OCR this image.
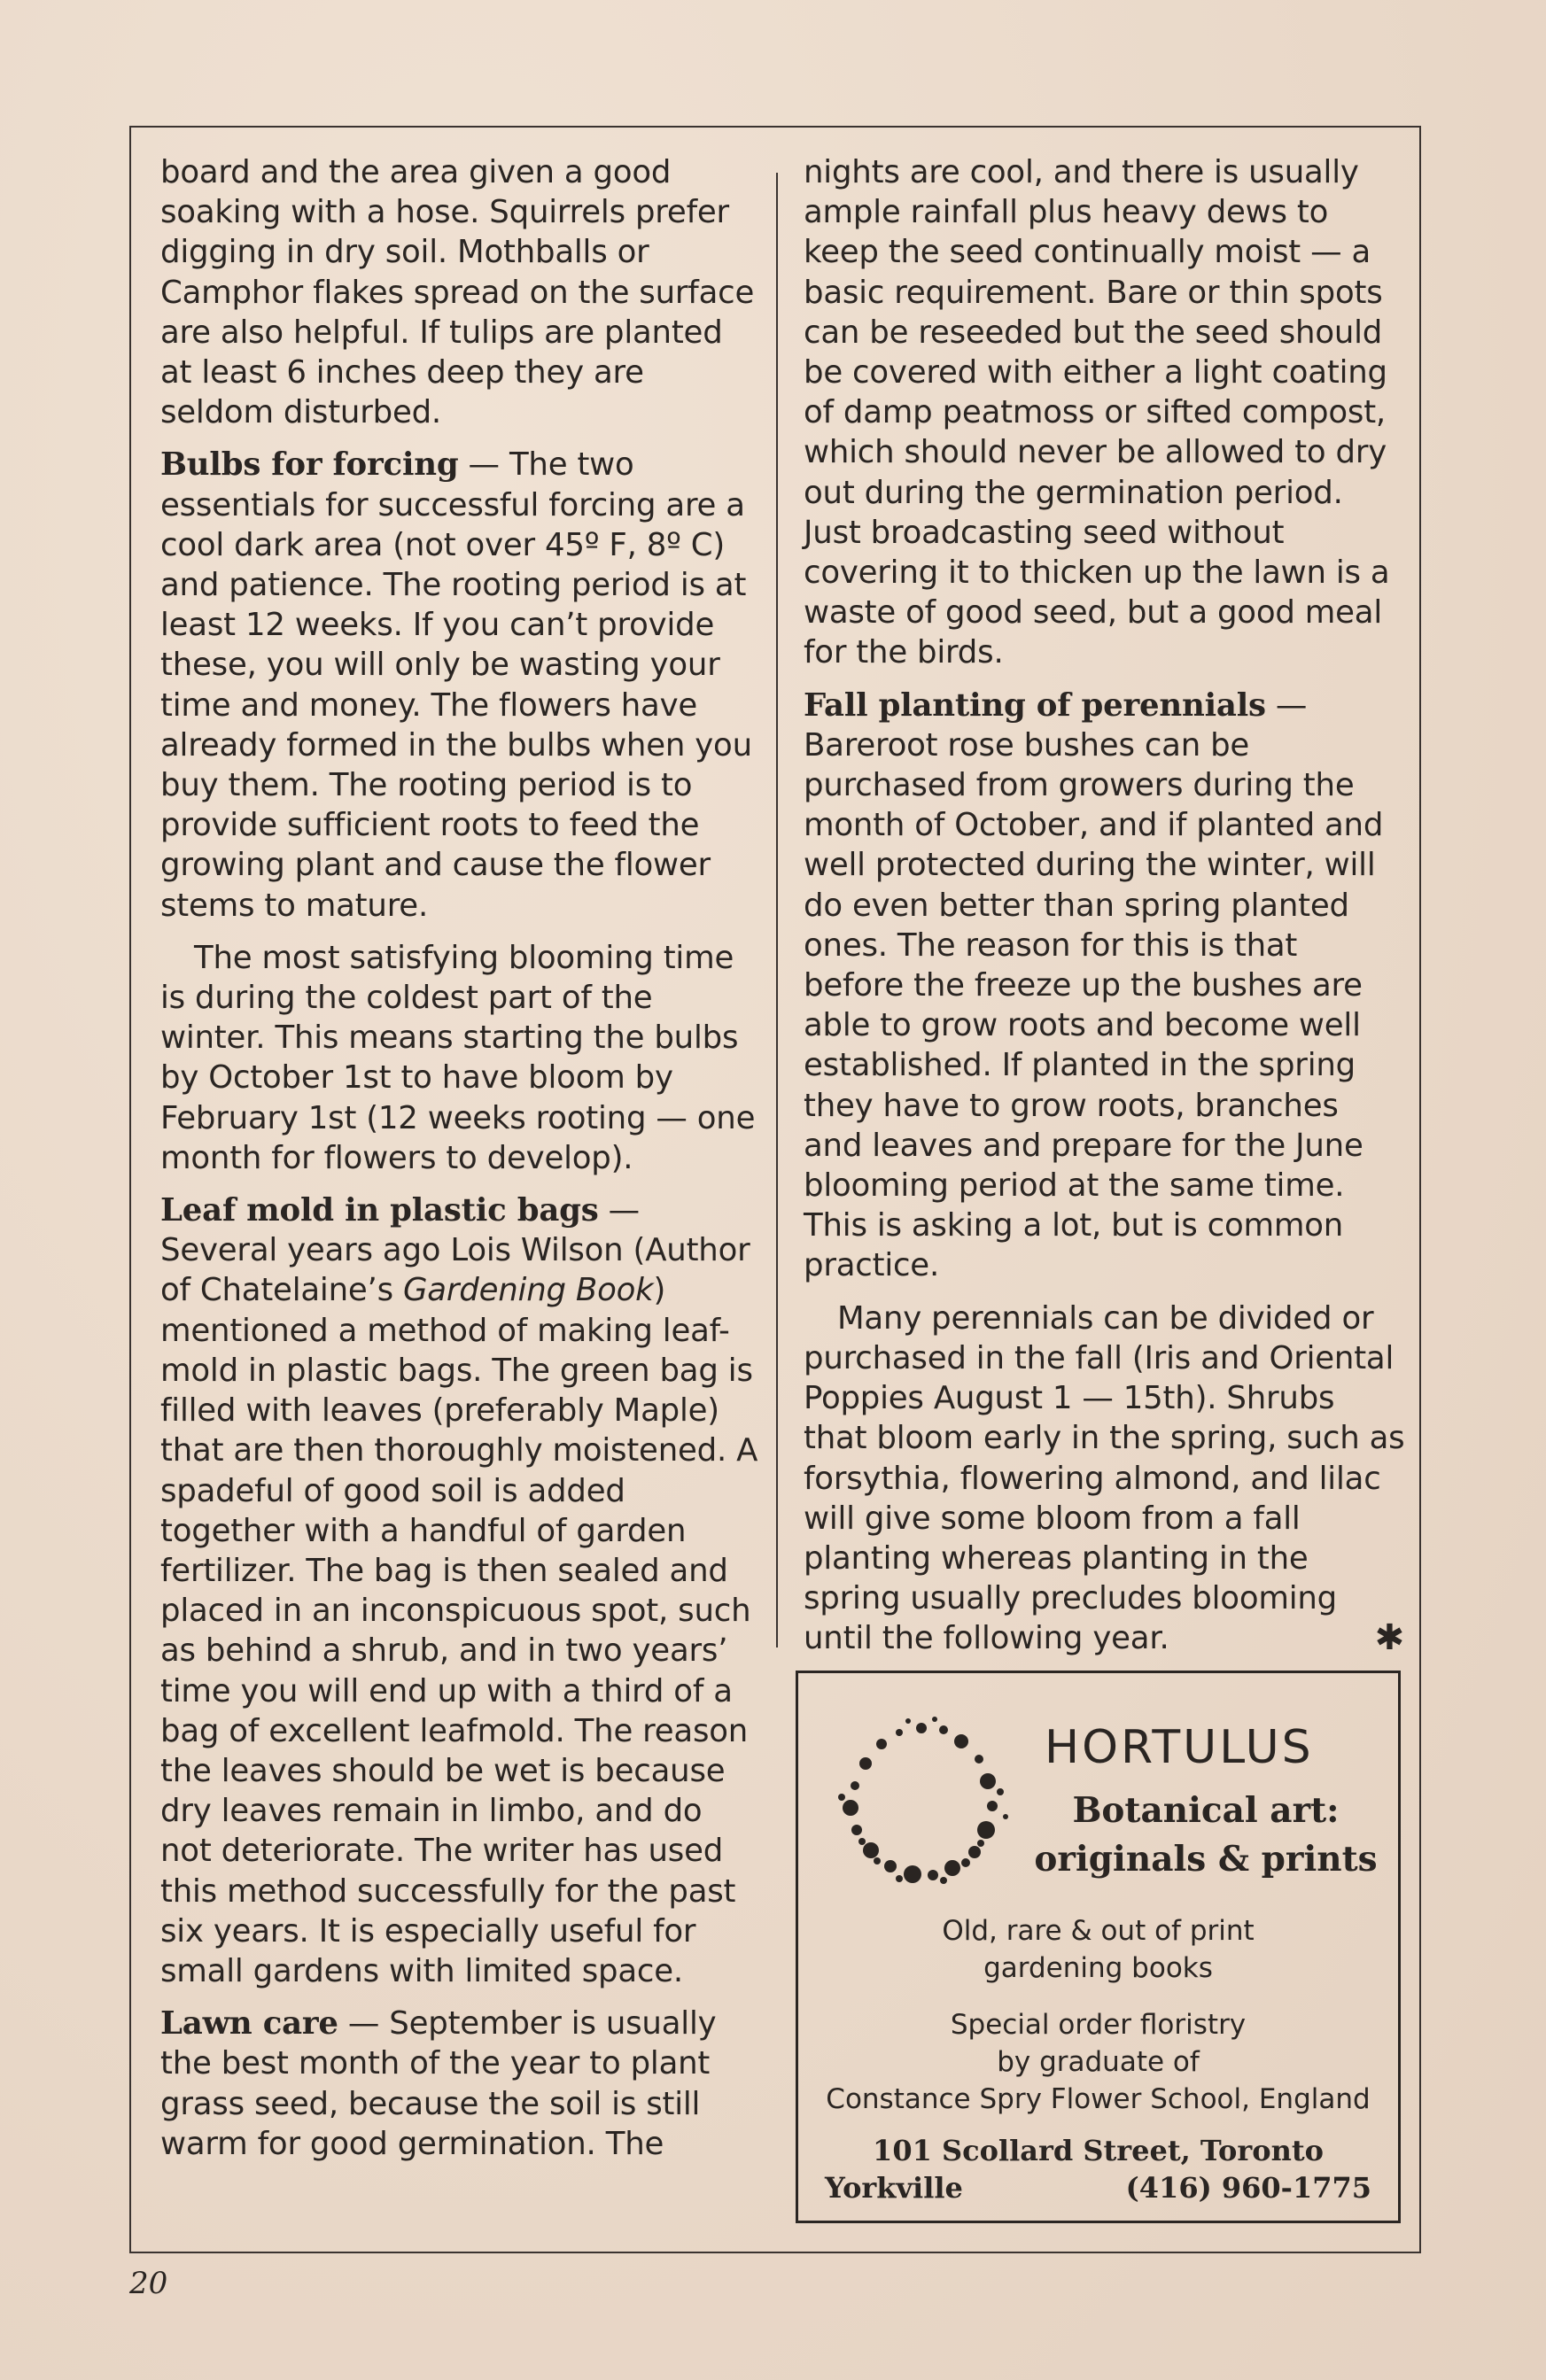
board and the area given a good soaking with a hose. Squirrels prefer digging in dry soil. Mothballs or Camphor flakes spread on the surface are also helpful. If tulips are planted at least 6 inches deep they are seldom disturbed.

Bulbs for forcing — The two essentials for successful forcing are a cool dark area (not over 45º F, 8º C) and patience. The rooting period is at least 12 weeks. If you can’t provide these, you will only be wasting your time and money. The flowers have already formed in the bulbs when you buy them. The rooting period is to provide sufficient roots to feed the growing plant and cause the flower stems to mature.

The most satisfying blooming time is during the coldest part of the winter. This means starting the bulbs by October 1st to have bloom by February 1st (12 weeks rooting — one month for flowers to develop).

Leaf mold in plastic bags — Several years ago Lois Wilson (Author of Chatelaine’s Gardening Book) mentioned a method of making leaf-mold in plastic bags. The green bag is filled with leaves (preferably Maple) that are then thoroughly moistened. A spadeful of good soil is added together with a handful of garden fertilizer. The bag is then sealed and placed in an inconspicuous spot, such as behind a shrub, and in two years’ time you will end up with a third of a bag of excellent leafmold. The reason the leaves should be wet is because dry leaves remain in limbo, and do not deteriorate. The writer has used this method successfully for the past six years. It is especially useful for small gardens with limited space.

Lawn care — September is usually the best month of the year to plant grass seed, because the soil is still warm for good germination. The

nights are cool, and there is usually ample rainfall plus heavy dews to keep the seed continually moist — a basic requirement. Bare or thin spots can be reseeded but the seed should be covered with either a light coating of damp peatmoss or sifted compost, which should never be allowed to dry out during the germination period. Just broadcasting seed without covering it to thicken up the lawn is a waste of good seed, but a good meal for the birds.

Fall planting of perennials — Bareroot rose bushes can be purchased from growers during the month of October, and if planted and well protected during the winter, will do even better than spring planted ones. The reason for this is that before the freeze up the bushes are able to grow roots and become well established. If planted in the spring they have to grow roots, branches and leaves and prepare for the June blooming period at the same time. This is asking a lot, but is common practice.

Many perennials can be divided or purchased in the fall (Iris and Oriental Poppies August 1 — 15th). Shrubs that bloom early in the spring, such as forsythia, flowering almond, and lilac will give some bloom from a fall planting whereas planting in the spring usually precludes blooming until the following year.	✱

HORTULUS
Botanical art:
originals & prints
Old, rare & out of print
gardening books
Special order floristry
by graduate of
Constance Spry Flower School, England
101 Scollard Street, Toronto
Yorkville	(416) 960-1775
20
